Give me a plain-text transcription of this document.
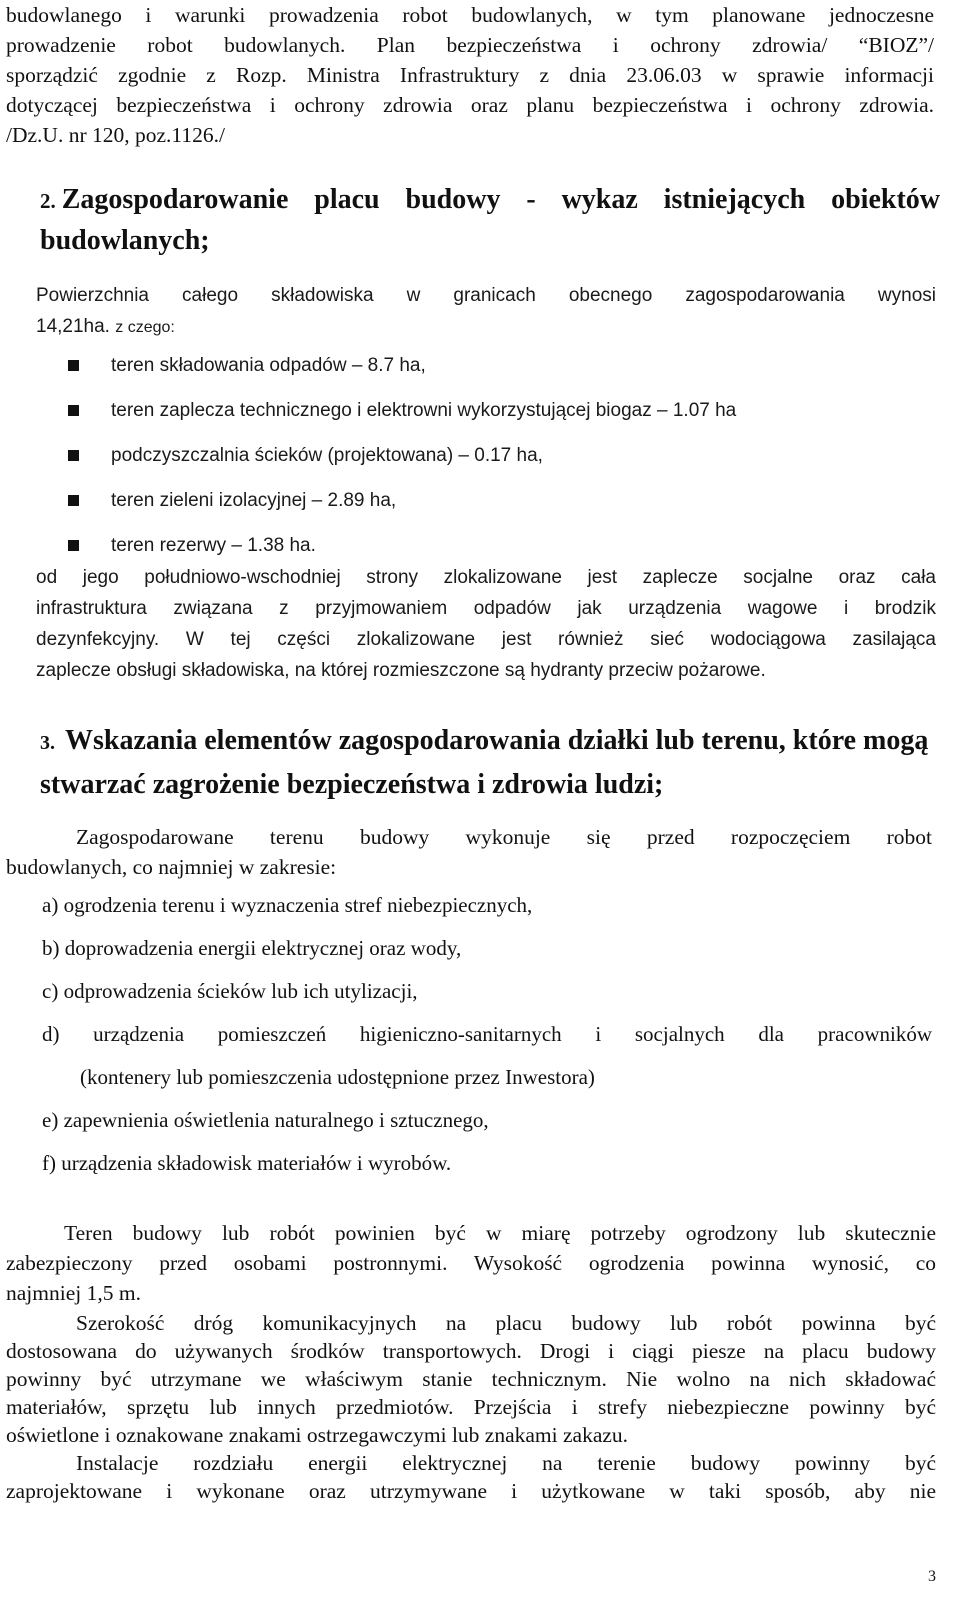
budowlanego i warunki prowadzenia robot budowlanych, w tym planowane jednoczesne

prowadzenie robot budowlanych. Plan bezpieczeństwa i ochrony zdrowia/ “BIOZ”/

sporządzić zgodnie z Rozp. Ministra Infrastruktury z dnia 23.06.03 w sprawie informacji

dotyczącej bezpieczeństwa i ochrony zdrowia oraz planu bezpieczeństwa i ochrony zdrowia.

/Dz.U. nr 120, poz.1126./

2. Zagospodarowanie placu budowy - wykaz istniejących obiektów
budowlanych;

Powierzchnia całego składowiska w granicach obecnego zagospodarowania wynosi

14,21ha. z czego:

teren składowania odpadów – 8.7 ha,
teren zaplecza technicznego i elektrowni wykorzystującej biogaz – 1.07 ha
podczyszczalnia ścieków (projektowana) – 0.17 ha,
teren zieleni izolacyjnej – 2.89 ha,
teren rezerwy – 1.38 ha.

od jego południowo-wschodniej strony zlokalizowane jest zaplecze socjalne oraz cała

infrastruktura związana z przyjmowaniem odpadów jak urządzenia wagowe i brodzik

dezynfekcyjny. W tej części zlokalizowane jest również sieć wodociągowa zasilająca

zaplecze obsługi składowiska, na której rozmieszczone są hydranty przeciw pożarowe.

3. Wskazania elementów zagospodarowania działki lub terenu, które mogą
stwarzać zagrożenie bezpieczeństwa i zdrowia ludzi;

Zagospodarowane terenu budowy wykonuje się przed rozpoczęciem robot

budowlanych, co najmniej w zakresie:

a) ogrodzenia terenu i wyznaczenia stref niebezpiecznych,
b) doprowadzenia energii elektrycznej oraz wody,
c) odprowadzenia ścieków lub ich utylizacji,
d) urządzenia pomieszczeń higieniczno-sanitarnych i socjalnych dla pracowników
(kontenery lub pomieszczenia udostępnione przez Inwestora)
e) zapewnienia oświetlenia naturalnego i sztucznego,
f) urządzenia składowisk materiałów i wyrobów.

Teren budowy lub robót powinien być w miarę potrzeby ogrodzony lub skutecznie

zabezpieczony przed osobami postronnymi. Wysokość ogrodzenia powinna wynosić, co

najmniej 1,5 m.

Szerokość dróg komunikacyjnych na placu budowy lub robót powinna być

dostosowana do używanych środków transportowych. Drogi i ciągi piesze na placu budowy

powinny być utrzymane we właściwym stanie technicznym. Nie wolno na nich składować

materiałów, sprzętu lub innych przedmiotów. Przejścia i strefy niebezpieczne powinny być

oświetlone i oznakowane znakami ostrzegawczymi lub znakami zakazu.

Instalacje rozdziału energii elektrycznej na terenie budowy powinny być

zaprojektowane i wykonane oraz utrzymywane i użytkowane w taki sposób, aby nie

3
